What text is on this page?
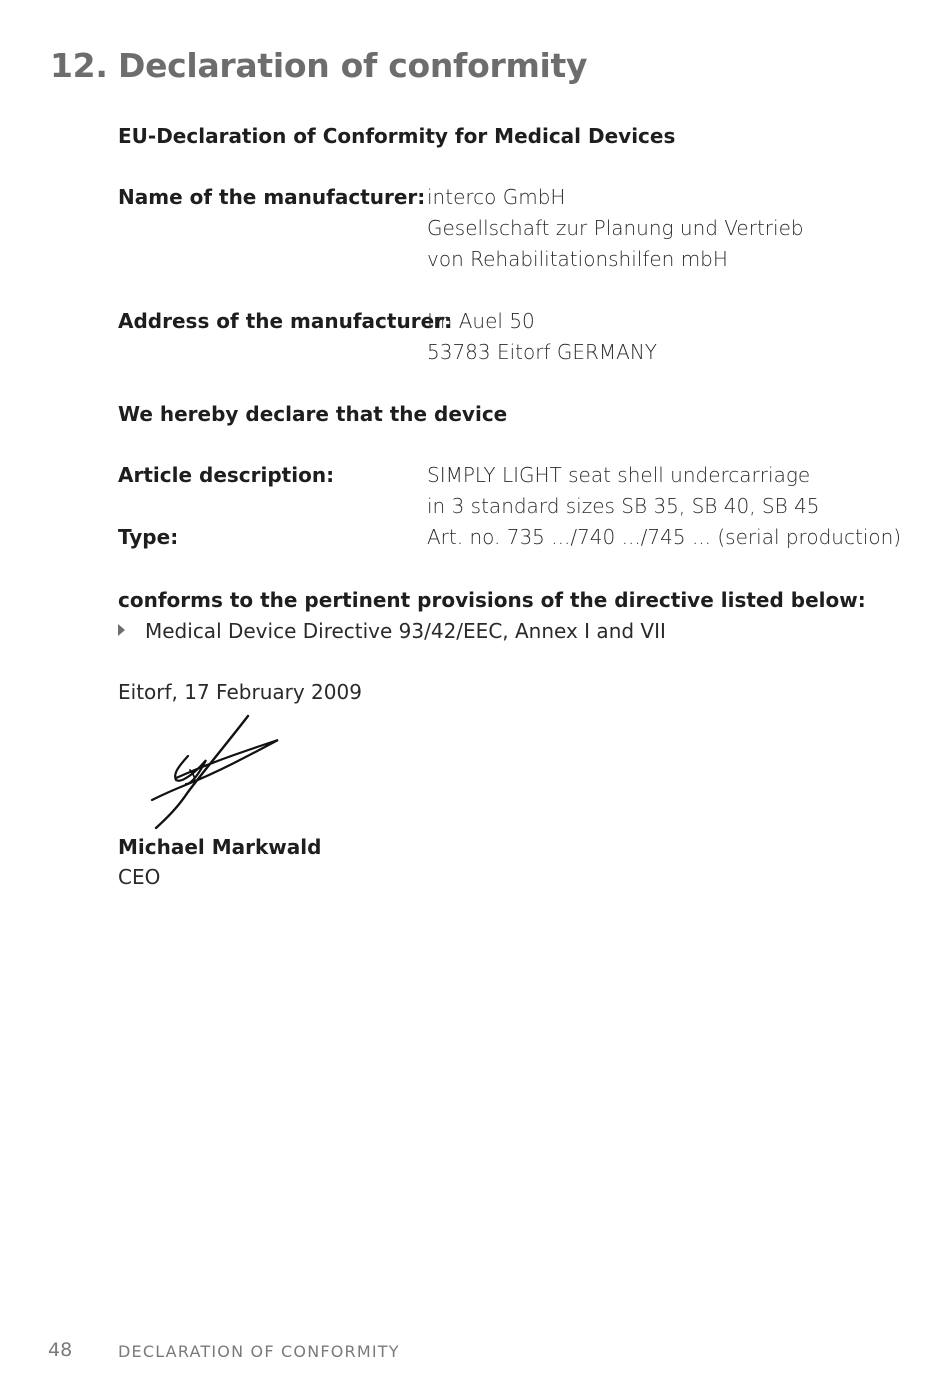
12. Declaration of conformity
EU-Declaration of Conformity for Medical Devices
Name of the manufacturer: interco GmbH
Gesellschaft zur Planung und Vertrieb
von Rehabilitationshilfen mbH
Address of the manufacturer:
Im Auel 50
53783 Eitorf GERMANY
We hereby declare that the device
Article description:	SIMPLY LIGHT seat shell undercarriage
in 3 standard sizes SB 35, SB 40, SB 45
Type:	Art. no. 735 .../740 .../745 ... (serial production)
conforms to the pertinent provisions of the directive listed below:
Medical Device Directive 93/42/EEC, Annex I and VII
Eitorf, 17 February 2009
Michael Markwald
CEO
48	DECLARATION OF CONFORMITY
